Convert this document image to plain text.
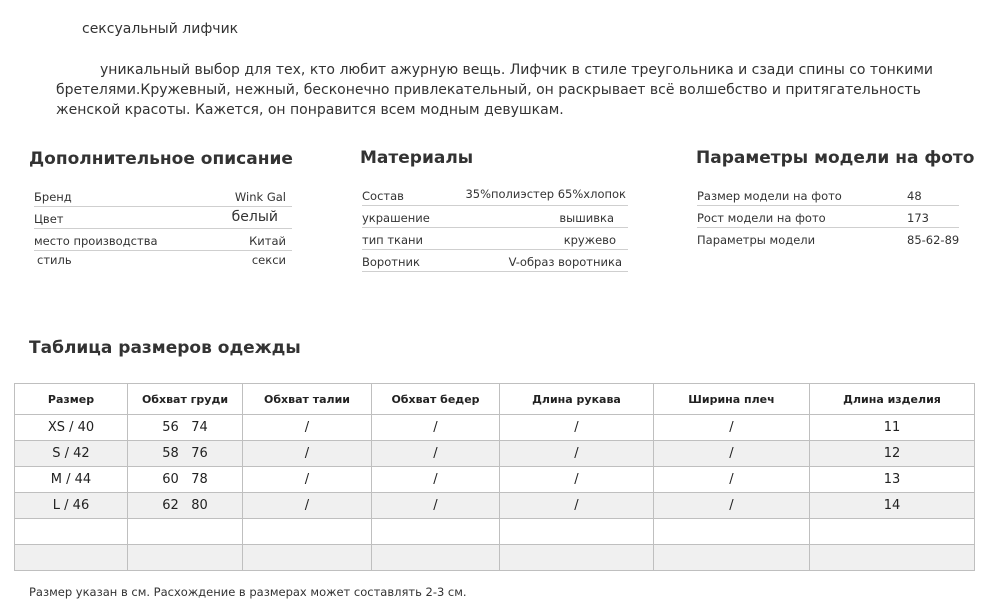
сексуальный лифчик
уникальный выбор для тех, кто любит ажурную вещь. Лифчик в стиле треугольника и сзади спины со тонкими бретелями.Кружевный, нежный, бесконечно привлекательный, он раскрывает всё волшебство и притягательность женской красоты. Кажется, он понравится всем модным девушкам.
Дополнительное описание
Бренд	Wink Gal
Цвет	белый
место производства	Китай
стиль	секси
Материалы
Состав	35%полиэстер 65%хлопок
украшение	вышивка
тип ткани	кружево
Воротник	V-образ воротника
Параметры модели на фото
Размер модели на фото	48
Рост модели на фото	173
Параметры модели	85-62-89
Таблица размеров одежды
Размер	Обхват груди	Обхват талии	Обхват бедер	Длина рукава	Ширина плеч	Длина изделия
XS / 40	56   74	/	/	/	/	11
S / 42	58   76	/	/	/	/	12
M / 44	60   78	/	/	/	/	13
L / 46	62   80	/	/	/	/	14

Размер указан в см. Расхождение в размерах может составлять 2-3 см.
